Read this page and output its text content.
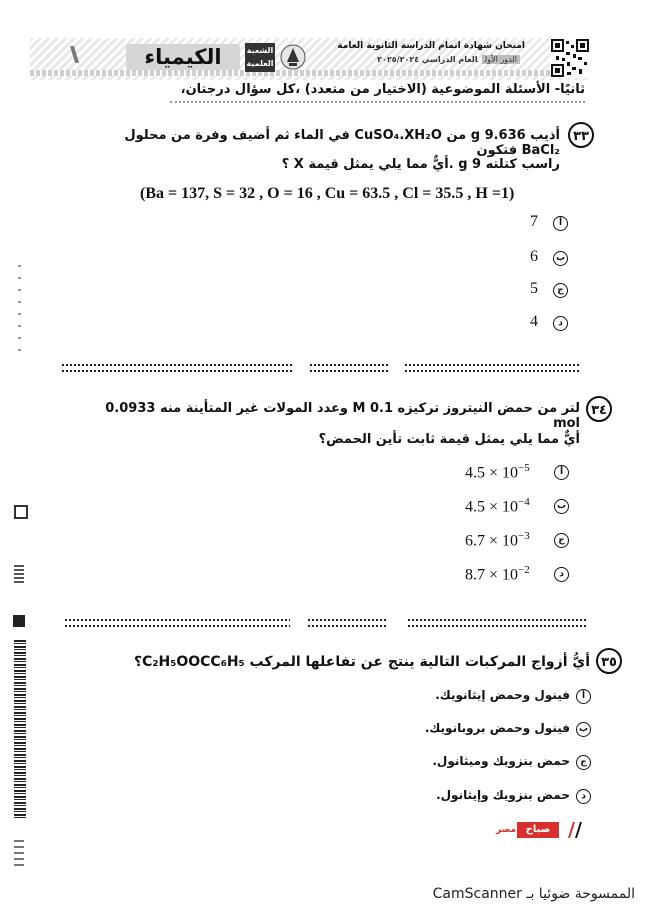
\\\\	الكيمياء	الشعبة العلمية
امتحان شهادة اتمام الدراسة الثانوية العامة
الدور الأولالعام الدراسي ٢٠٢٥/٢٠٢٤
ثانيًا- الأسئلة الموضوعية (الاختيار من متعدد) ،كل سؤال درجتان،
٣٣
أذيب 9.636 g من CuSO₄.XH₂O في الماء ثم أضيف وفرة من محلول BaCl₂ فتكون
راسب كتلته 9 g .أيٌّ مما يلي يمثل قيمة X ؟
(Ba = 137, S = 32 , O = 16 , Cu = 63.5 , Cl = 35.5 , H =1)
7	أ
6	ب
5	ج
4	د
٣٤
لتر من حمض النيتروز تركيزه 0.1 M وعدد المولات غير المتأينة منه 0.0933 mol
أيٌّ مما يلي يمثل قيمة ثابت تأين الحمض؟
$4.5 \times 10^{-5}$	أ
$4.5 \times 10^{-4}$	ب
$6.7 \times 10^{-3}$	ج
$8.7 \times 10^{-2}$	د
٣٥
أيُّ أزواج المركبات التالية ينتج عن تفاعلها المركب C₂H₅OOCC₆H₅؟
فينول وحمض إيثانويك.	أ
فينول وحمض بروبانويك. ب
حمض بنزويك وميثانول.	ج
حمض بنزويك وإيثانول.	د
مصر صباح
الممسوحة ضوئيا بـ CamScanner
